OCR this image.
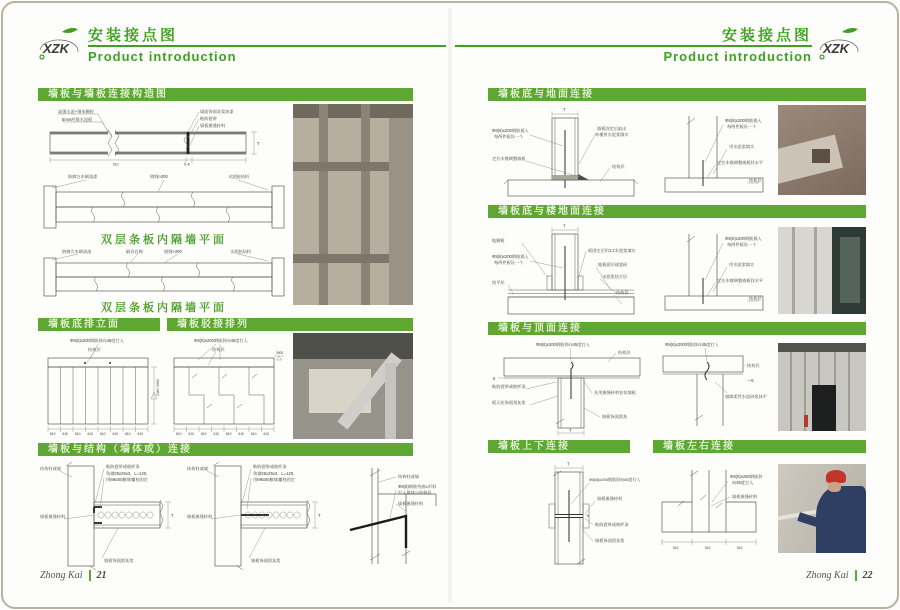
XZK
安装接点图
Product introduction
安装接点图
Product introduction
XZK
墙板与墙板连接构造图
高强水泥+聚苯颗粒
5mm纤维水泥板
墙面饰面灰浆油漆
粘防裂带
墙板嵌缝材料
610	5~8
T
防腐方木刷油漆	错缝>200	水泥胶结料
双层条板内隔墙平面
防腐方木刷油漆	隔音岩棉	错缝>200	水泥胶结料
双层条板内隔墙平面
墙板底排立面	墙板驳接排列
Φ8(6)x200钢筋斜向45度打入
结构层
2440~3000
610 610 610 610 610 610 610 610
Φ8(6)x200钢筋斜向45度打入
结构层
3500
610 610 610 610 610 610 610 610
墙板与结构（墙体或）连接
结构柱或墙	粘防裂带或玻纤条
角钢25x25x3，L=120，
用M6x50膨胀螺栓固定
墙板嵌缝材料
墙板饰面刮灰浆
T
结构柱或墙	粘防裂带或玻纤条
角钢25x25x3，L=120，
用M6x50膨胀螺栓固定
墙板嵌缝材料
墙板饰面刮灰浆
T
结构柱或墙
Φ8(6)钢筋弯曲L形斜
打入墙体与结构层
墙板嵌缝材料
Zhong Kai 21
墙板底与地面连接
T
Φ8(6)x200钢筋插入
每两件板设一个
定位木楔调整墙板
墙板固定后取出
木楔用水泥浆填实
结构层
Φ8(6)x200钢筋插入
每两件板设一个
用水泥浆填实
定位木楔调整墙板找水平
结构层
墙板底与楼地面连接
T
地脚板
Φ8(6)x200钢筋插入
每两件板设一个
找平层
板固定后用1:2水泥浆填实
地板面层或瓷砖
水泥浆结合层
结构层
Φ8(6)x200钢筋插入
每两件板设一个
用水泥浆填实
定位木楔调整墙板找水平
结构层
墙板与顶面连接
Φ8(6)x200钢筋斜向45度打入
结构层
粘防裂带或玻纤条
板天花饰面刮灰浆
先用嵌缝材料安装墙板
墙板饰面刮灰
5
T
Φ8(6)x200钢筋斜向45度打入
结构层
—5
墙隙柔性水泥砂浆抹平
墙板上下连接	墙板左右连接
T
Φ8(6)x250钢筋斜向45度打入
墙板嵌缝材料
~5
粘防裂带或玻纤条
墙板饰面刮灰浆
Φ8(6)x250钢筋斜
向45度打入
墙板嵌缝材料
610	610	610
Zhong Kai 22
